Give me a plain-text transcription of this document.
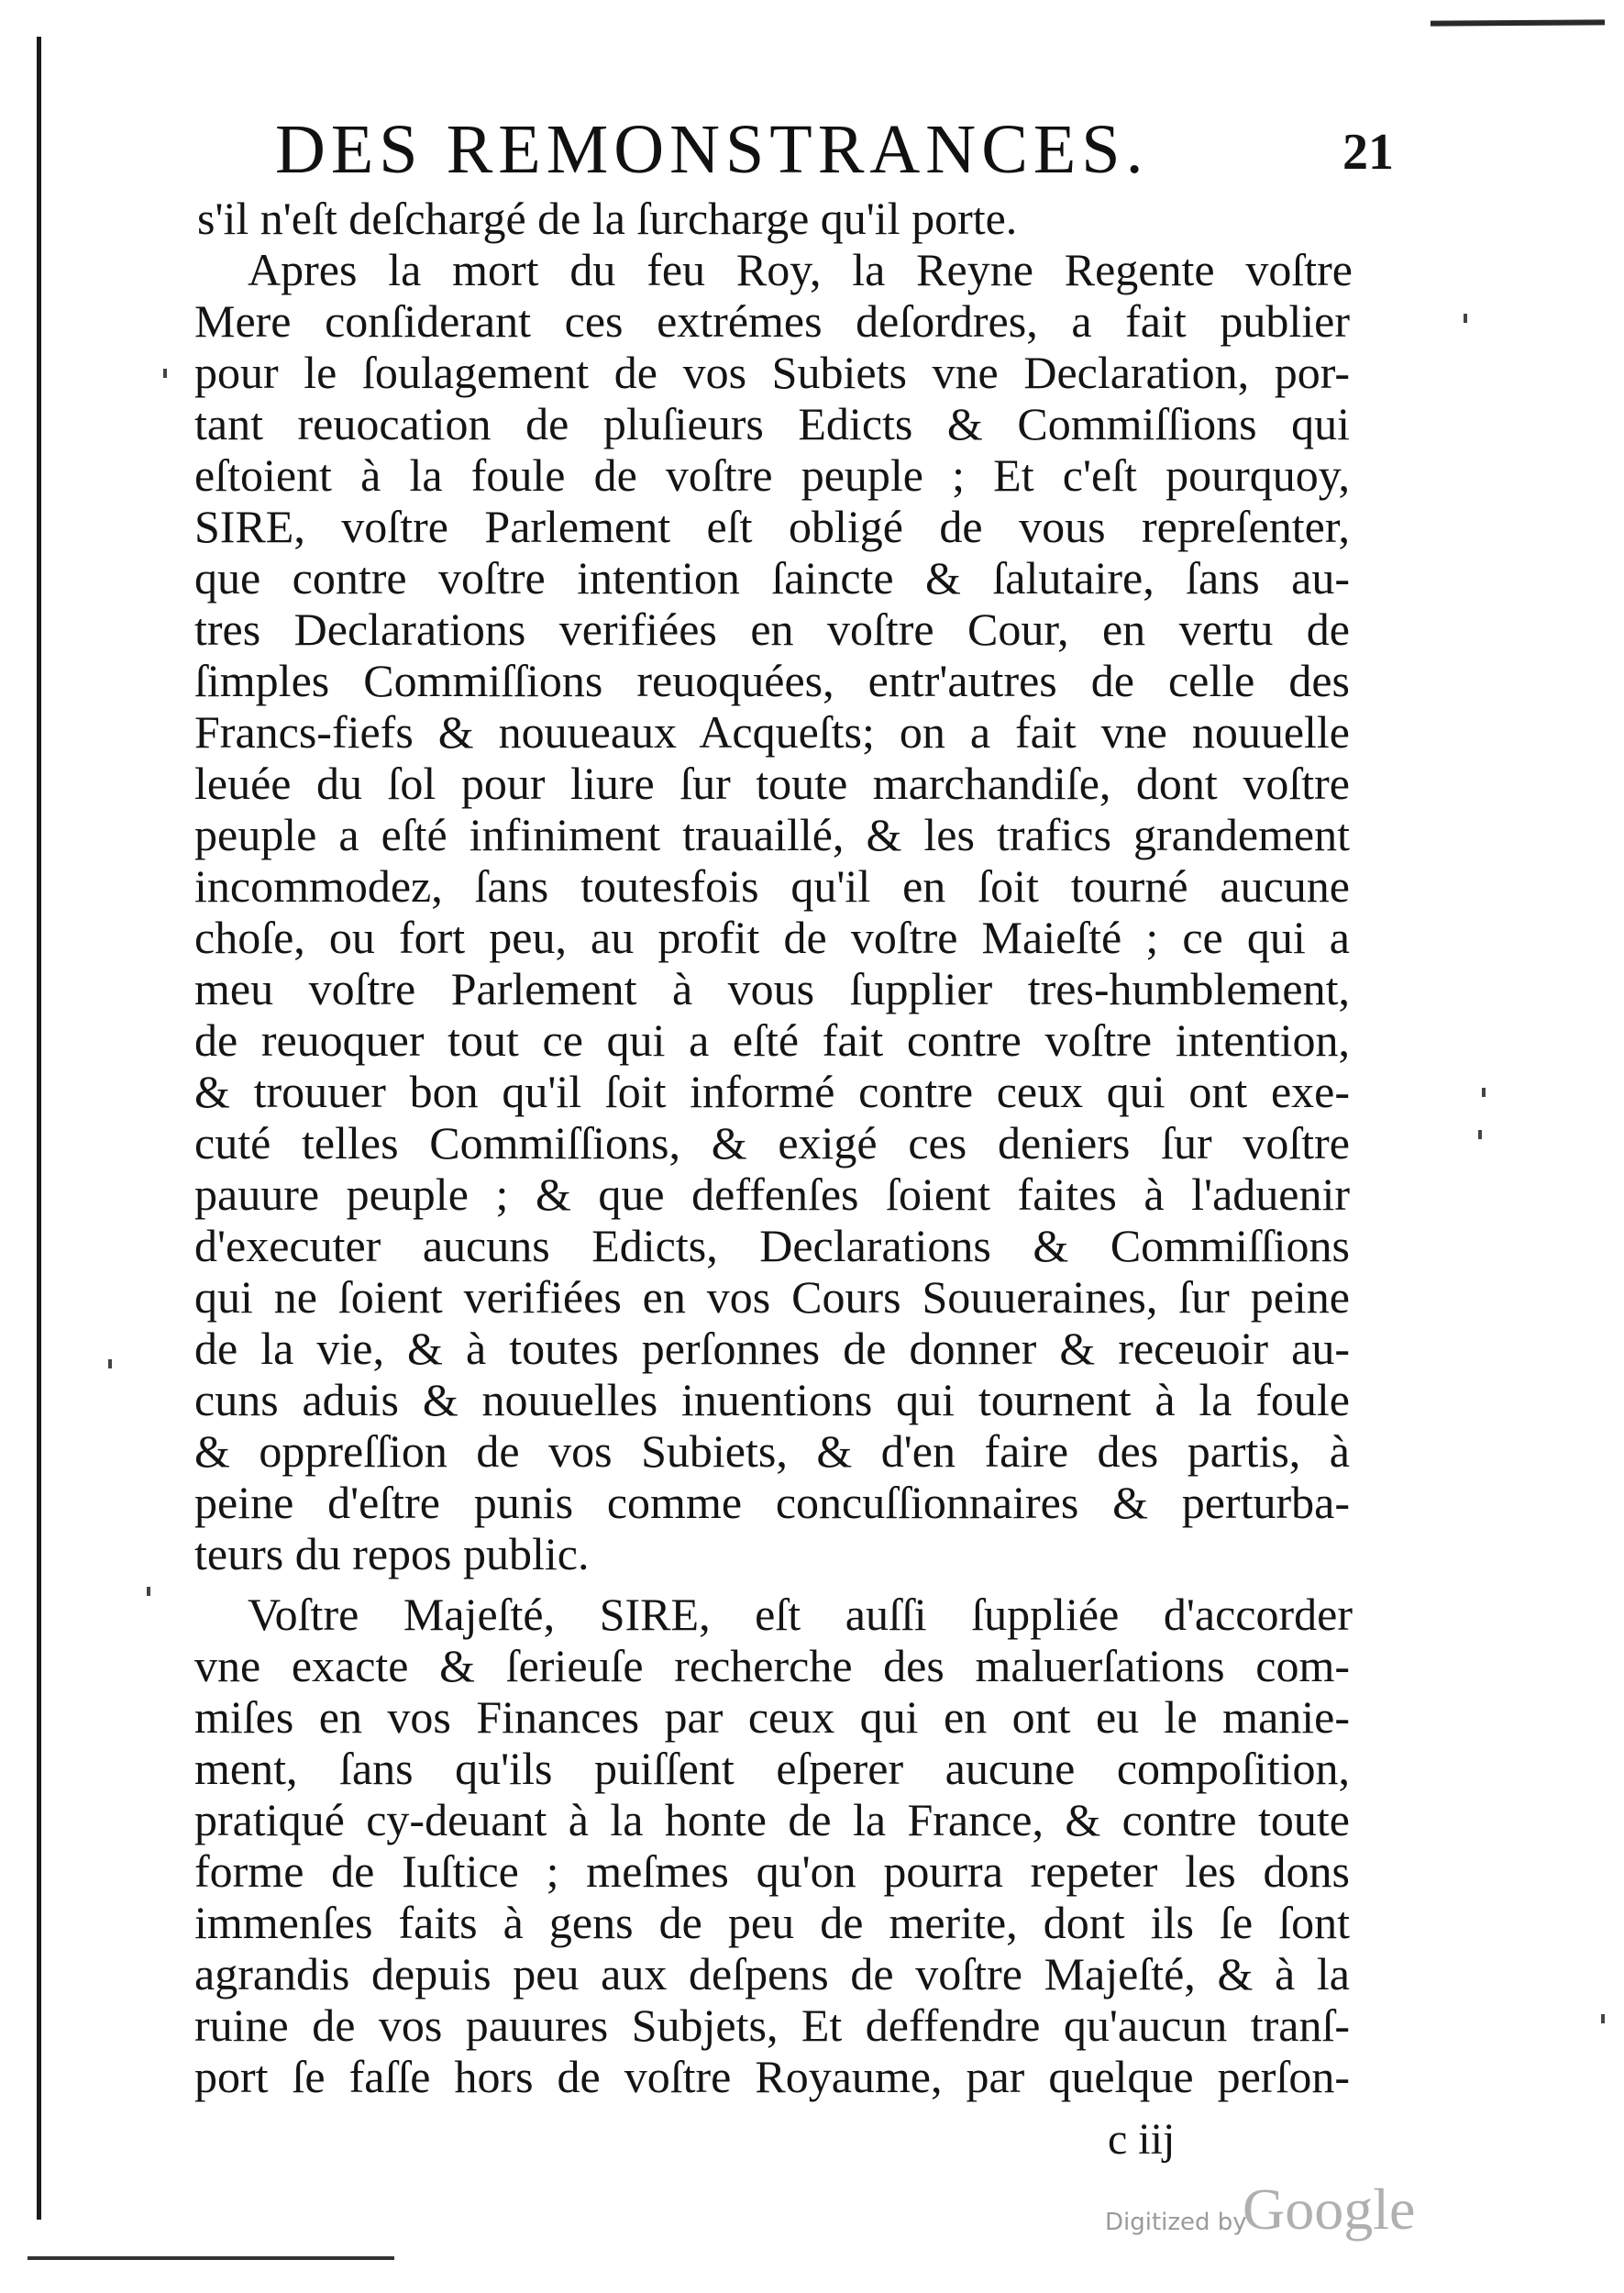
DES REMONSTRANCES.	21
s'il n'eſt deſchargé de la ſurcharge qu'il porte.
Apres la mort du feu Roy, la Reyne Regente voſtre
Mere conſiderant ces extrémes deſordres, a fait publier
pour le ſoulagement de vos Subiets vne Declaration, por-
tant reuocation de pluſieurs Edicts & Commiſſions qui
eſtoient à la foule de voſtre peuple ; Et c'eſt pourquoy,
SIRE, voſtre Parlement eſt obligé de vous repreſenter,
que contre voſtre intention ſaincte & ſalutaire, ſans au-
tres Declarations verifiées en voſtre Cour, en vertu de
ſimples Commiſſions reuoquées, entr'autres de celle des
Francs-fiefs & nouueaux Acqueſts; on a fait vne nouuelle
leuée du ſol pour liure ſur toute marchandiſe, dont voſtre
peuple a eſté infiniment trauaillé, & les trafics grandement
incommodez, ſans toutesfois qu'il en ſoit tourné aucune
choſe, ou fort peu, au profit de voſtre Maieſté ; ce qui a
meu voſtre Parlement à vous ſupplier tres-humblement,
de reuoquer tout ce qui a eſté fait contre voſtre intention,
& trouuer bon qu'il ſoit informé contre ceux qui ont exe-
cuté telles Commiſſions, & exigé ces deniers ſur voſtre
pauure peuple ; & que deffenſes ſoient faites à l'aduenir
d'executer aucuns Edicts, Declarations & Commiſſions
qui ne ſoient verifiées en vos Cours Souueraines, ſur peine
de la vie, & à toutes perſonnes de donner & receuoir au-
cuns aduis & nouuelles inuentions qui tournent à la foule
& oppreſſion de vos Subiets, & d'en faire des partis, à
peine d'eſtre punis comme concuſſionnaires & perturba-
teurs du repos public.
Voſtre Majeſté, SIRE, eſt auſſi ſuppliée d'accorder
vne exacte & ſerieuſe recherche des maluerſations com-
miſes en vos Finances par ceux qui en ont eu le manie-
ment, ſans qu'ils puiſſent eſperer aucune compoſition,
pratiqué cy-deuant à la honte de la France, & contre toute
forme de Iuſtice ; meſmes qu'on pourra repeter les dons
immenſes faits à gens de peu de merite, dont ils ſe ſont
agrandis depuis peu aux deſpens de voſtre Majeſté, & à la
ruine de vos pauures Subjets, Et deffendre qu'aucun tranſ-
port ſe faſſe hors de voſtre Royaume, par quelque perſon-
c iij
Digitized by
Google
